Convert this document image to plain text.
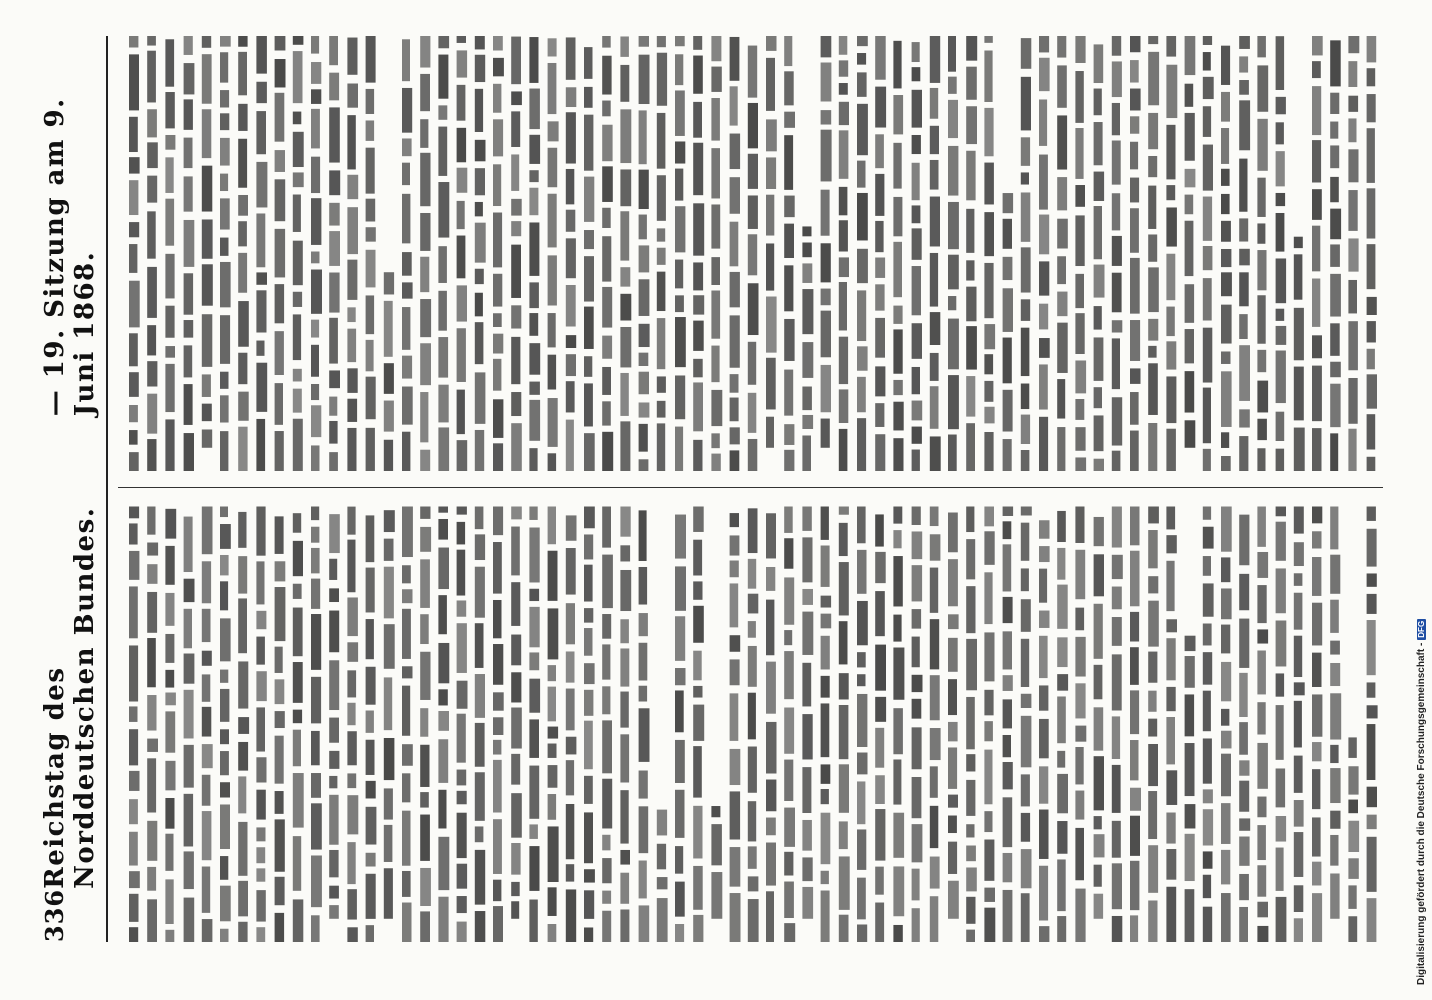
336
Reichstag des Norddeutschen Bundes.
— 19. Sitzung am 9. Juni 1868.
Digitalisierung gefördert durch die Deutsche Forschungsgemeinschaft -DFG
